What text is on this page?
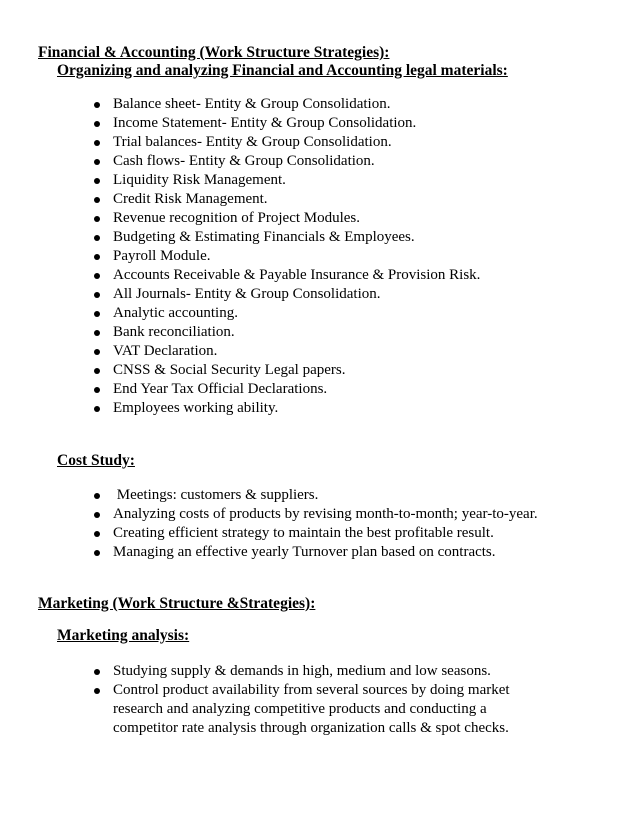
Financial & Accounting (Work Structure Strategies):
Organizing and analyzing Financial and Accounting legal materials:
Balance sheet- Entity & Group Consolidation.
Income Statement- Entity & Group Consolidation.
Trial balances- Entity & Group Consolidation.
Cash flows- Entity & Group Consolidation.
Liquidity Risk Management.
Credit Risk Management.
Revenue recognition of Project Modules.
Budgeting & Estimating Financials & Employees.
Payroll Module.
Accounts Receivable & Payable Insurance & Provision Risk.
All Journals- Entity & Group Consolidation.
Analytic accounting.
Bank reconciliation.
VAT Declaration.
CNSS & Social Security Legal papers.
End Year Tax Official Declarations.
Employees working ability.
Cost Study:
Meetings: customers & suppliers.
Analyzing costs of products by revising month-to-month; year-to-year.
Creating efficient strategy to maintain the best profitable result.
Managing an effective yearly Turnover plan based on contracts.
Marketing (Work Structure &Strategies):
Marketing analysis:
Studying supply & demands in high, medium and low seasons.
Control product availability from several sources by doing market research and analyzing competitive products and conducting a competitor rate analysis through organization calls & spot checks.
